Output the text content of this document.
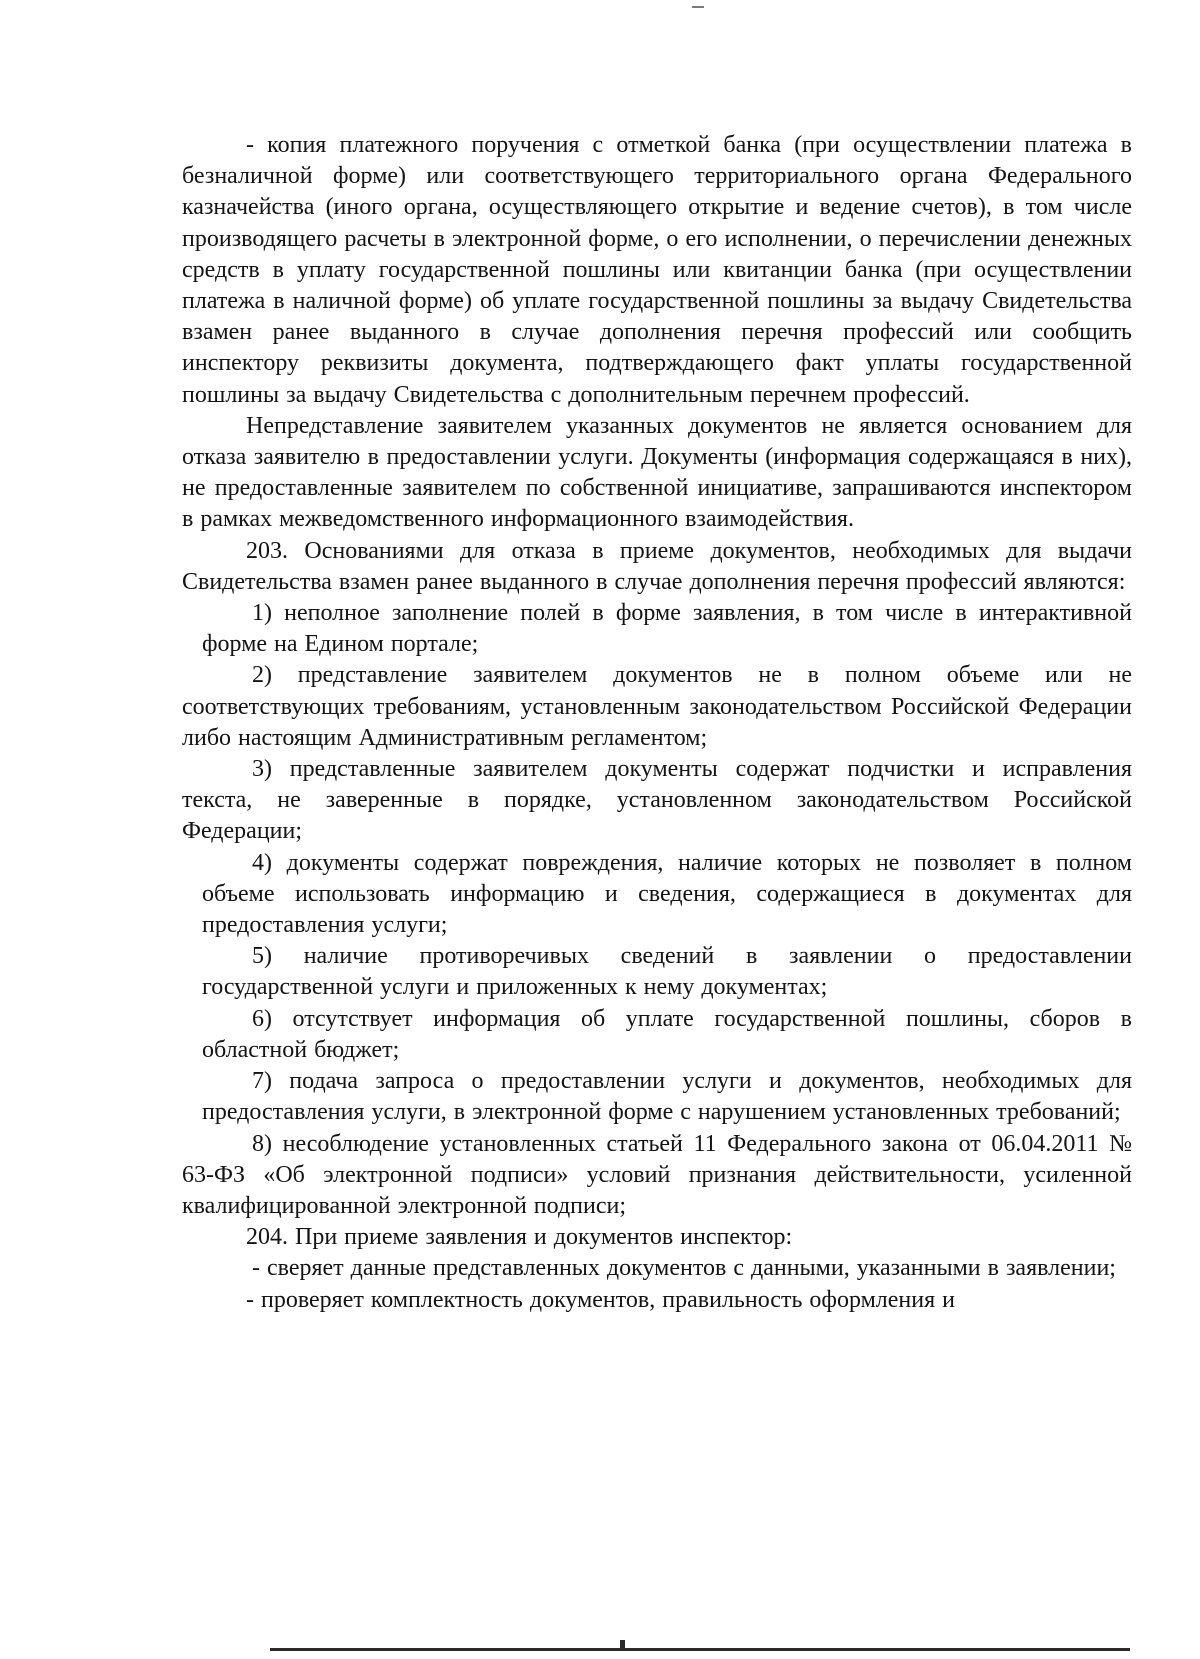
- копия платежного поручения с отметкой банка (при осуществлении платежа в безналичной форме) или соответствующего территориального органа Федерального казначейства (иного органа, осуществляющего открытие и ведение счетов), в том числе производящего расчеты в электронной форме, о его исполнении, о перечислении денежных средств в уплату государственной пошлины или квитанции банка (при осуществлении платежа в наличной форме) об уплате государственной пошлины за выдачу Свидетельства взамен ранее выданного в случае дополнения перечня профессий или сообщить инспектору реквизиты документа, подтверждающего факт уплаты государственной пошлины за выдачу Свидетельства с дополнительным перечнем профессий.

Непредставление заявителем указанных документов не является основанием для отказа заявителю в предоставлении услуги. Документы (информация содержащаяся в них), не предоставленные заявителем по собственной инициативе, запрашиваются инспектором в рамках межведомственного информационного взаимодействия.

203. Основаниями для отказа в приеме документов, необходимых для выдачи Свидетельства взамен ранее выданного в случае дополнения перечня профессий являются:

1) неполное заполнение полей в форме заявления, в том числе в интерактивной форме на Едином портале;

2) представление заявителем документов не в полном объеме или не соответствующих требованиям, установленным законодательством Российской Федерации либо настоящим Административным регламентом;

3) представленные заявителем документы содержат подчистки и исправления текста, не заверенные в порядке, установленном законодательством Российской Федерации;

4) документы содержат повреждения, наличие которых не позволяет в полном объеме использовать информацию и сведения, содержащиеся в документах для предоставления услуги;

5) наличие противоречивых сведений в заявлении о предоставлении государственной услуги и приложенных к нему документах;

6) отсутствует информация об уплате государственной пошлины, сборов в областной бюджет;

7) подача запроса о предоставлении услуги и документов, необходимых для предоставления услуги, в электронной форме с нарушением установленных требований;

8) несоблюдение установленных статьей 11 Федерального закона от 06.04.2011 № 63-ФЗ «Об электронной подписи» условий признания действительности, усиленной квалифицированной электронной подписи;

204. При приеме заявления и документов инспектор:

- сверяет данные представленных документов с данными, указанными в заявлении;

- проверяет комплектность документов, правильность оформления и
